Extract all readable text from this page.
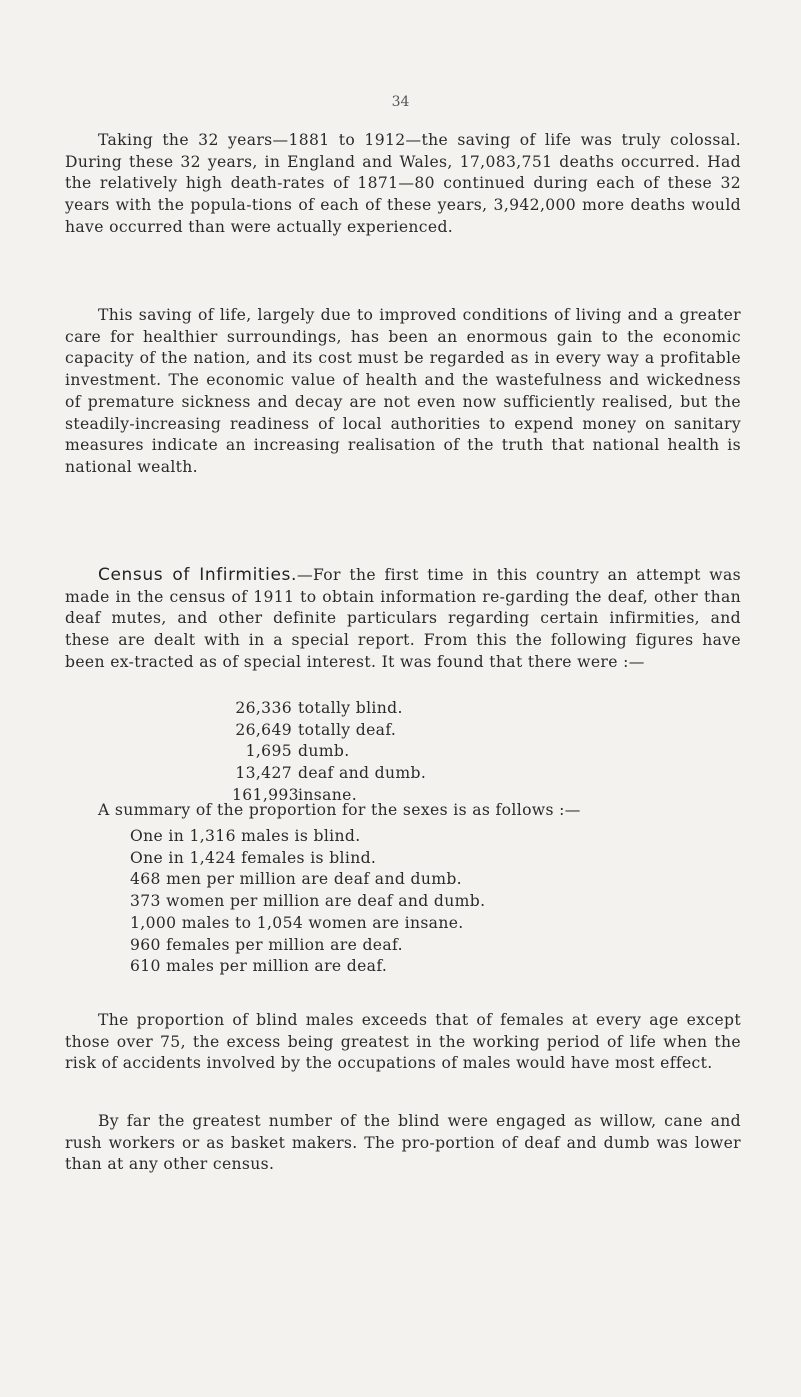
34

Taking the 32 years—1881 to 1912—the saving of life was truly colossal. During these 32 years, in England and Wales, 17,083,751 deaths occurred. Had the relatively high death-rates of 1871—80 continued during each of these 32 years with the popula-tions of each of these years, 3,942,000 more deaths would have occurred than were actually experienced.

This saving of life, largely due to improved conditions of living and a greater care for healthier surroundings, has been an enormous gain to the economic capacity of the nation, and its cost must be regarded as in every way a profitable investment. The economic value of health and the wastefulness and wickedness of premature sickness and decay are not even now sufficiently realised, but the steadily-increasing readiness of local authorities to expend money on sanitary measures indicate an increasing realisation of the truth that national health is national wealth.

Census of Infirmities.—For the first time in this country an attempt was made in the census of 1911 to obtain information re-garding the deaf, other than deaf mutes, and other definite particulars regarding certain infirmities, and these are dealt with in a special report. From this the following figures have been ex-tracted as of special interest. It was found that there were :—

26,336 totally blind.
26,649 totally deaf.
1,695 dumb.
13,427 deaf and dumb.
161,993insane.

A summary of the proportion for the sexes is as follows :—

One in 1,316 males is blind.
One in 1,424 females is blind.
468 men per million are deaf and dumb.
373 women per million are deaf and dumb.
1,000 males to 1,054 women are insane.
960 females per million are deaf.
610 males per million are deaf.

The proportion of blind males exceeds that of females at every age except those over 75, the excess being greatest in the working period of life when the risk of accidents involved by the occupations of males would have most effect.

By far the greatest number of the blind were engaged as willow, cane and rush workers or as basket makers. The pro-portion of deaf and dumb was lower than at any other census.
